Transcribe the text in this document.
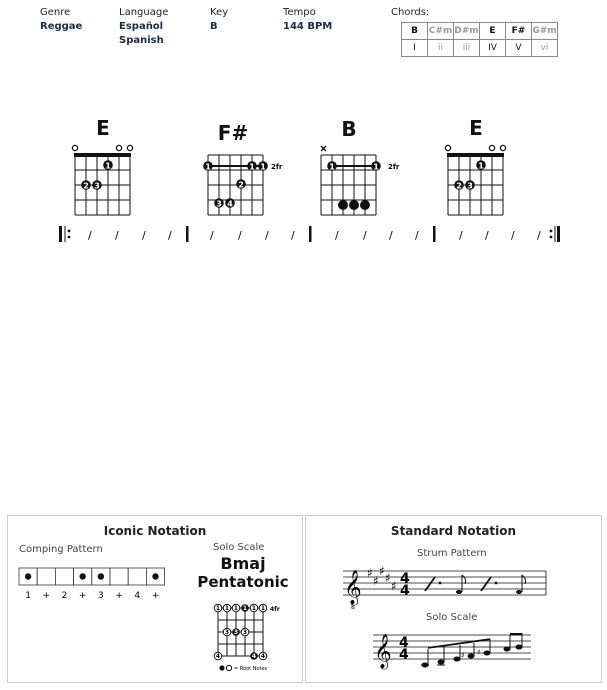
Genre
Reggae
Language
Español
Spanish
Key
B
Tempo
144 BPM
Chords:
B	C#m	D#m	E	F#	G#m
I	ii	iii	IV	V	vi
E	F#	B	E
1
2 3
1	1 1
2
3 4
2fr	1	1 2fr	1
2 3
/ / / /	/ / / /	/ / / /	/ / / /
Iconic Notation
Comping Pattern
1 + 2 + 3 + 4 +
Solo Scale
Bmaj
Pentatonic
1 1 1 1 1 1
3 3 3
4	4 4
4fr
= Root Notes
Standard Notation
Strum Pattern
𝄞
8
♯
♯
♯ ♯
♯ 4
4
Solo Scale
𝄞 4
4	♯ ♯
